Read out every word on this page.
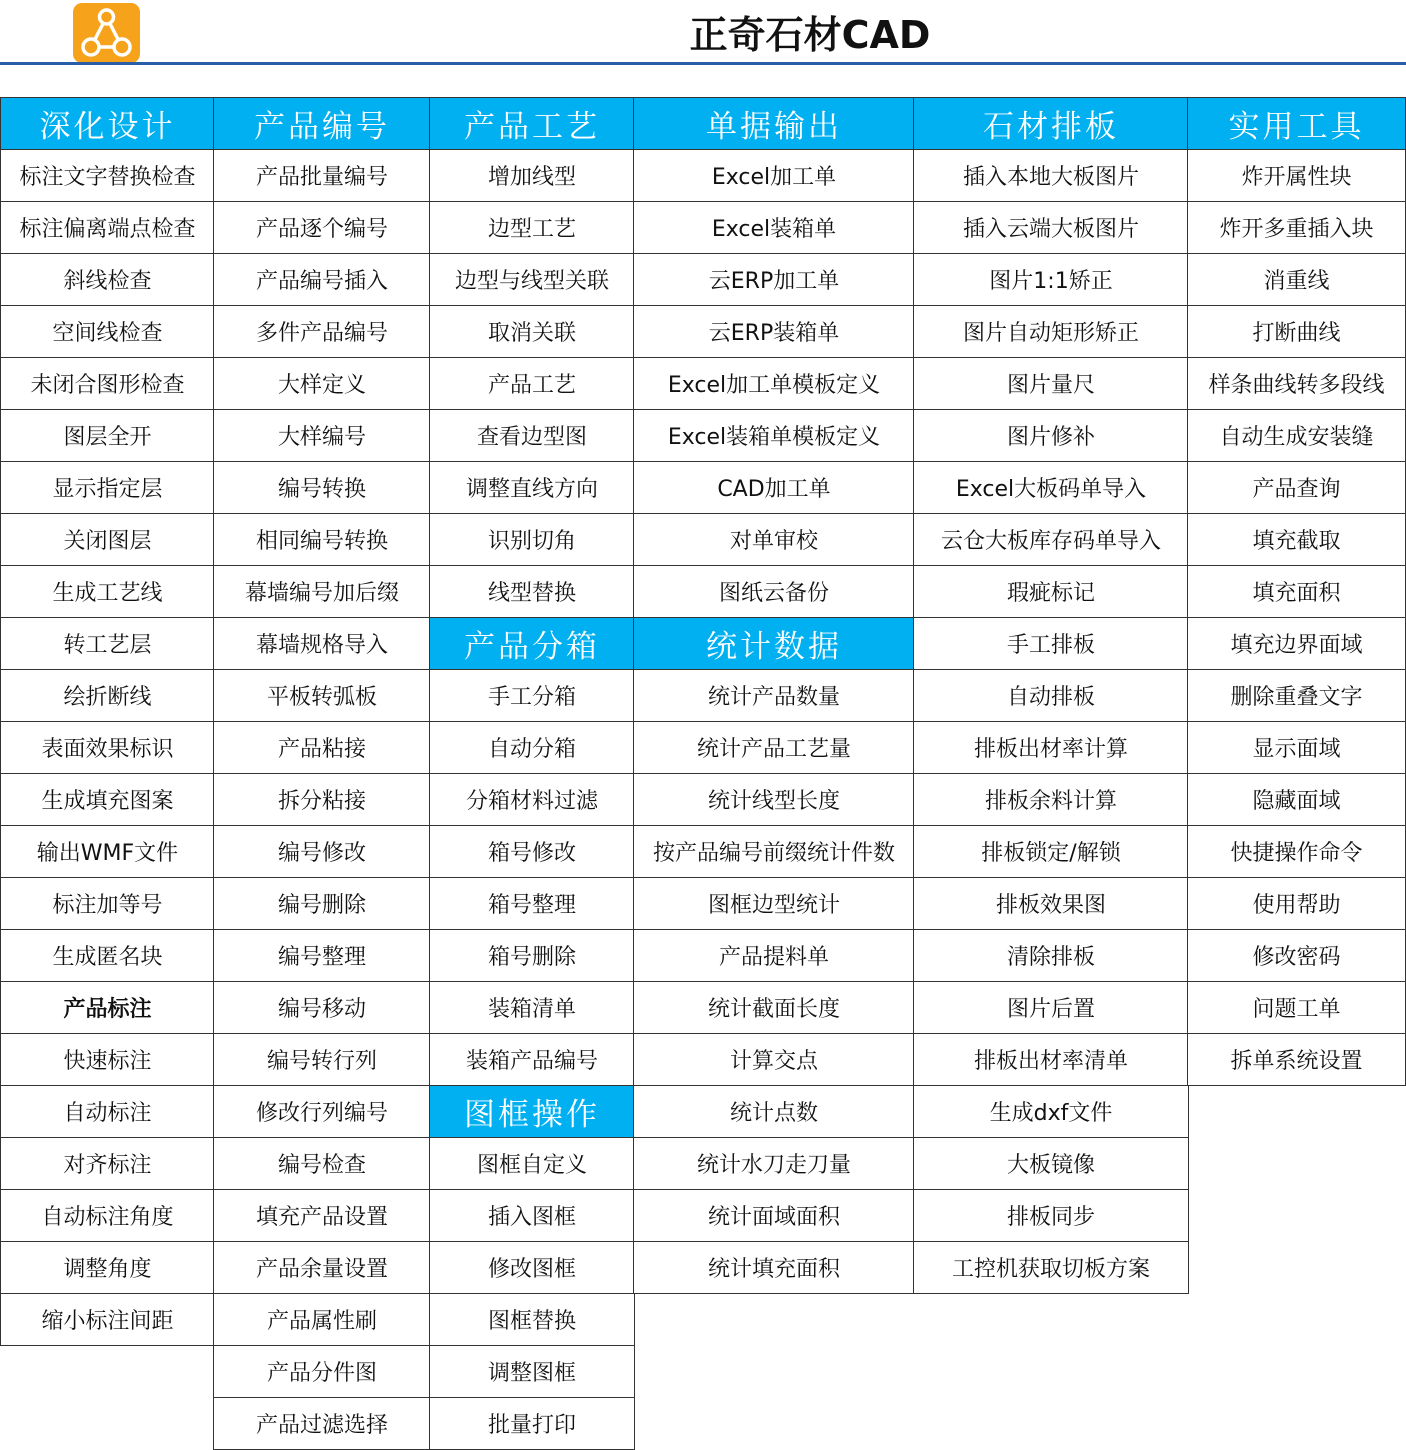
正奇石材CAD
深化设计
标注文字替换检查
标注偏离端点检查
斜线检查
空间线检查
未闭合图形检查
图层全开
显示指定层
关闭图层
生成工艺线
转工艺层
绘折断线
表面效果标识
生成填充图案
输出WMF文件
标注加等号
生成匿名块
产品标注
快速标注
自动标注
对齐标注
自动标注角度
调整角度
缩小标注间距
产品编号
产品批量编号
产品逐个编号
产品编号插入
多件产品编号
大样定义
大样编号
编号转换
相同编号转换
幕墙编号加后缀
幕墙规格导入
平板转弧板
产品粘接
拆分粘接
编号修改
编号删除
编号整理
编号移动
编号转行列
修改行列编号
编号检查
填充产品设置
产品余量设置
产品属性刷
产品分件图
产品过滤选择
产品工艺
增加线型
边型工艺
边型与线型关联
取消关联
产品工艺
查看边型图
调整直线方向
识别切角
线型替换
产品分箱
手工分箱
自动分箱
分箱材料过滤
箱号修改
箱号整理
箱号删除
装箱清单
装箱产品编号
图框操作
图框自定义
插入图框
修改图框
图框替换
调整图框
批量打印
单据输出
Excel加工单
Excel装箱单
云ERP加工单
云ERP装箱单
Excel加工单模板定义
Excel装箱单模板定义
CAD加工单
对单审校
图纸云备份
统计数据
统计产品数量
统计产品工艺量
统计线型长度
按产品编号前缀统计件数
图框边型统计
产品提料单
统计截面长度
计算交点
统计点数
统计水刀走刀量
统计面域面积
统计填充面积
石材排板
插入本地大板图片
插入云端大板图片
图片1:1矫正
图片自动矩形矫正
图片量尺
图片修补
Excel大板码单导入
云仓大板库存码单导入
瑕疵标记
手工排板
自动排板
排板出材率计算
排板余料计算
排板锁定/解锁
排板效果图
清除排板
图片后置
排板出材率清单
生成dxf文件
大板镜像
排板同步
工控机获取切板方案
实用工具
炸开属性块
炸开多重插入块
消重线
打断曲线
样条曲线转多段线
自动生成安装缝
产品查询
填充截取
填充面积
填充边界面域
删除重叠文字
显示面域
隐藏面域
快捷操作命令
使用帮助
修改密码
问题工单
拆单系统设置
